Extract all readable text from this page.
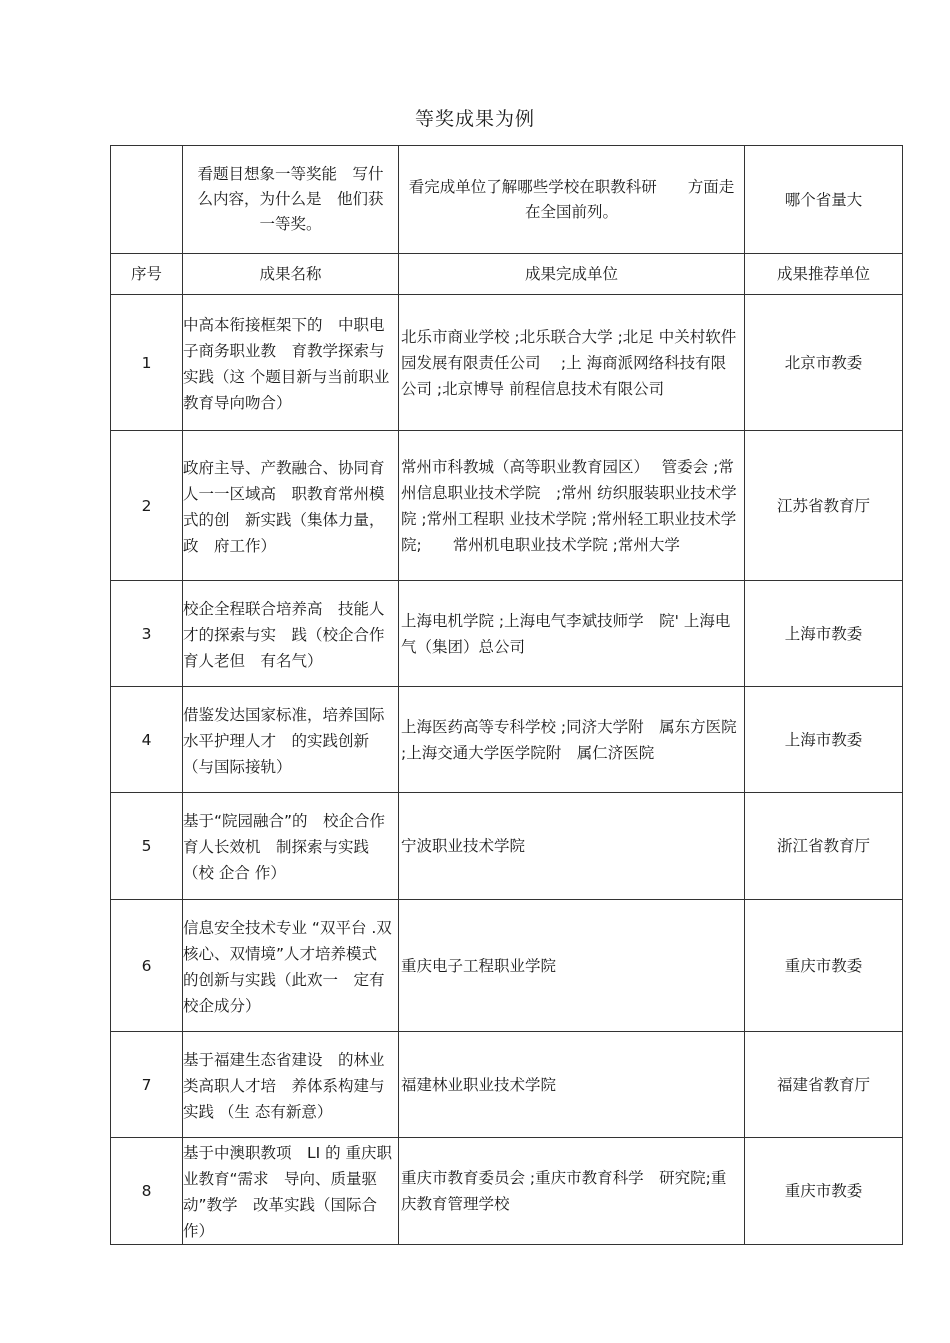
等奖成果为例
	看题目想象一等奖能　写什么内容，为什么是　他们获一等奖。	看完成单位了解哪些学校在职教科研　　方面走在全国前列。	哪个省量大
序号	成果名称	成果完成单位	成果推荐单位
1	中高本衔接框架下的　中职电子商务职业教　育教学探索与实践（这 个题目新与当前职业　教育导向吻合）	北乐市商业学校 ;北乐联合大学 ;北足 中关村软件园发展有限责任公司　 ;上 海商派网络科技有限公司 ;北京博导 前程信息技术有限公司	北京市教委
2	政府主导、产教融合、协同育人一一区域高　职教育常州模式的创　新实践（集体力量，政　府工作）	常州市科教城（高等职业教育园区）　 管委会 ;常州信息职业技术学院　;常州 纺织服装职业技术学院 ;常州工程职 业技术学院 ;常州轻工职业技术学院;　　常州机电职业技术学院 ;常州大学	江苏省教育厅
3	校企全程联合培养高　技能人才的探索与实　践（校企合作育人老但　有名气）	上海电机学院 ;上海电气李斌技师学　院' 上海电气（集团）总公司	上海市教委
4	借鉴发达国家标准，培养国际水平护理人才　的实践创新 （与国际接轨）	上海医药高等专科学校 ;同济大学附　属东方医院 ;上海交通大学医学院附　属仁济医院	上海市教委
5	基于“院园融合”的　校企合作育人长效机　制探索与实践（校 企合 作）	宁波职业技术学院	浙江省教育厅
6	信息安全技术专业 “双平台 .双核心、双情境”人才培养模式　的创新与实践（此欢一　定有校企成分）	重庆电子工程职业学院	重庆市教委
7	基于福建生态省建设　的林业类高职人才培　养体系构建与实践 （生 态有新意）	福建林业职业技术学院	福建省教育厅
8	基于中澳职教项　LI 的 重庆职业教育“需求　导向、质量驱动”教学　改革实践（国际合作）	重庆市教育委员会 ;重庆市教育科学　研究院;重庆教育管理学校	重庆市教委
